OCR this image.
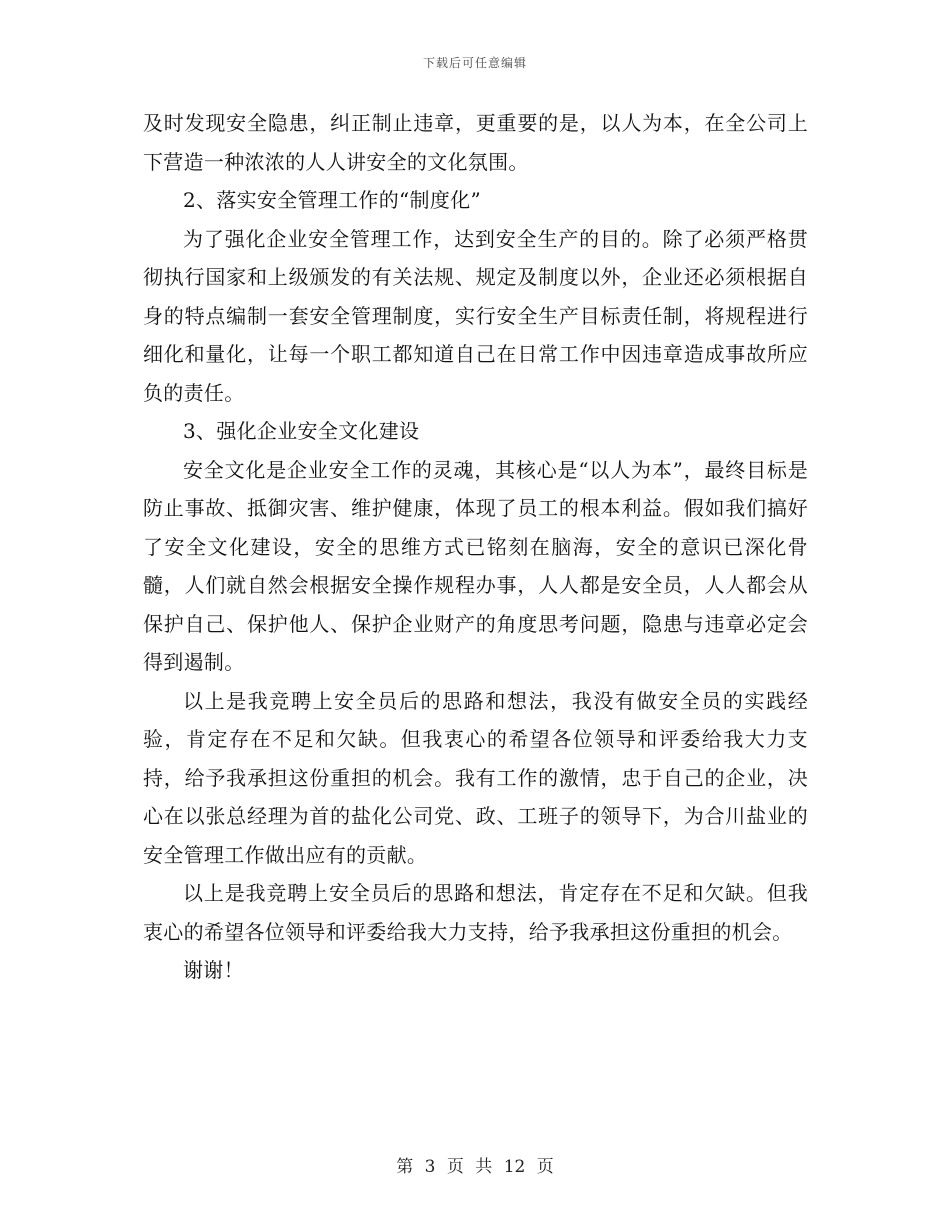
下载后可任意编辑

及时发现安全隐患，纠正制止违章，更重要的是，以人为本，在全公司上下营造一种浓浓的人人讲安全的文化氛围。

2、落实安全管理工作的“制度化”

为了强化企业安全管理工作，达到安全生产的目的。除了必须严格贯彻执行国家和上级颁发的有关法规、规定及制度以外，企业还必须根据自身的特点编制一套安全管理制度，实行安全生产目标责任制，将规程进行细化和量化，让每一个职工都知道自己在日常工作中因违章造成事故所应负的责任。

3、强化企业安全文化建设

安全文化是企业安全工作的灵魂，其核心是“以人为本”，最终目标是防止事故、抵御灾害、维护健康，体现了员工的根本利益。假如我们搞好了安全文化建设，安全的思维方式已铭刻在脑海，安全的意识已深化骨髓，人们就自然会根据安全操作规程办事，人人都是安全员，人人都会从保护自己、保护他人、保护企业财产的角度思考问题，隐患与违章必定会得到遏制。

以上是我竞聘上安全员后的思路和想法，我没有做安全员的实践经验，肯定存在不足和欠缺。但我衷心的希望各位领导和评委给我大力支持，给予我承担这份重担的机会。我有工作的激情，忠于自己的企业，决心在以张总经理为首的盐化公司党、政、工班子的领导下，为合川盐业的安全管理工作做出应有的贡献。

以上是我竞聘上安全员后的思路和想法，肯定存在不足和欠缺。但我衷心的希望各位领导和评委给我大力支持，给予我承担这份重担的机会。

谢谢！

第 3 页 共 12 页
